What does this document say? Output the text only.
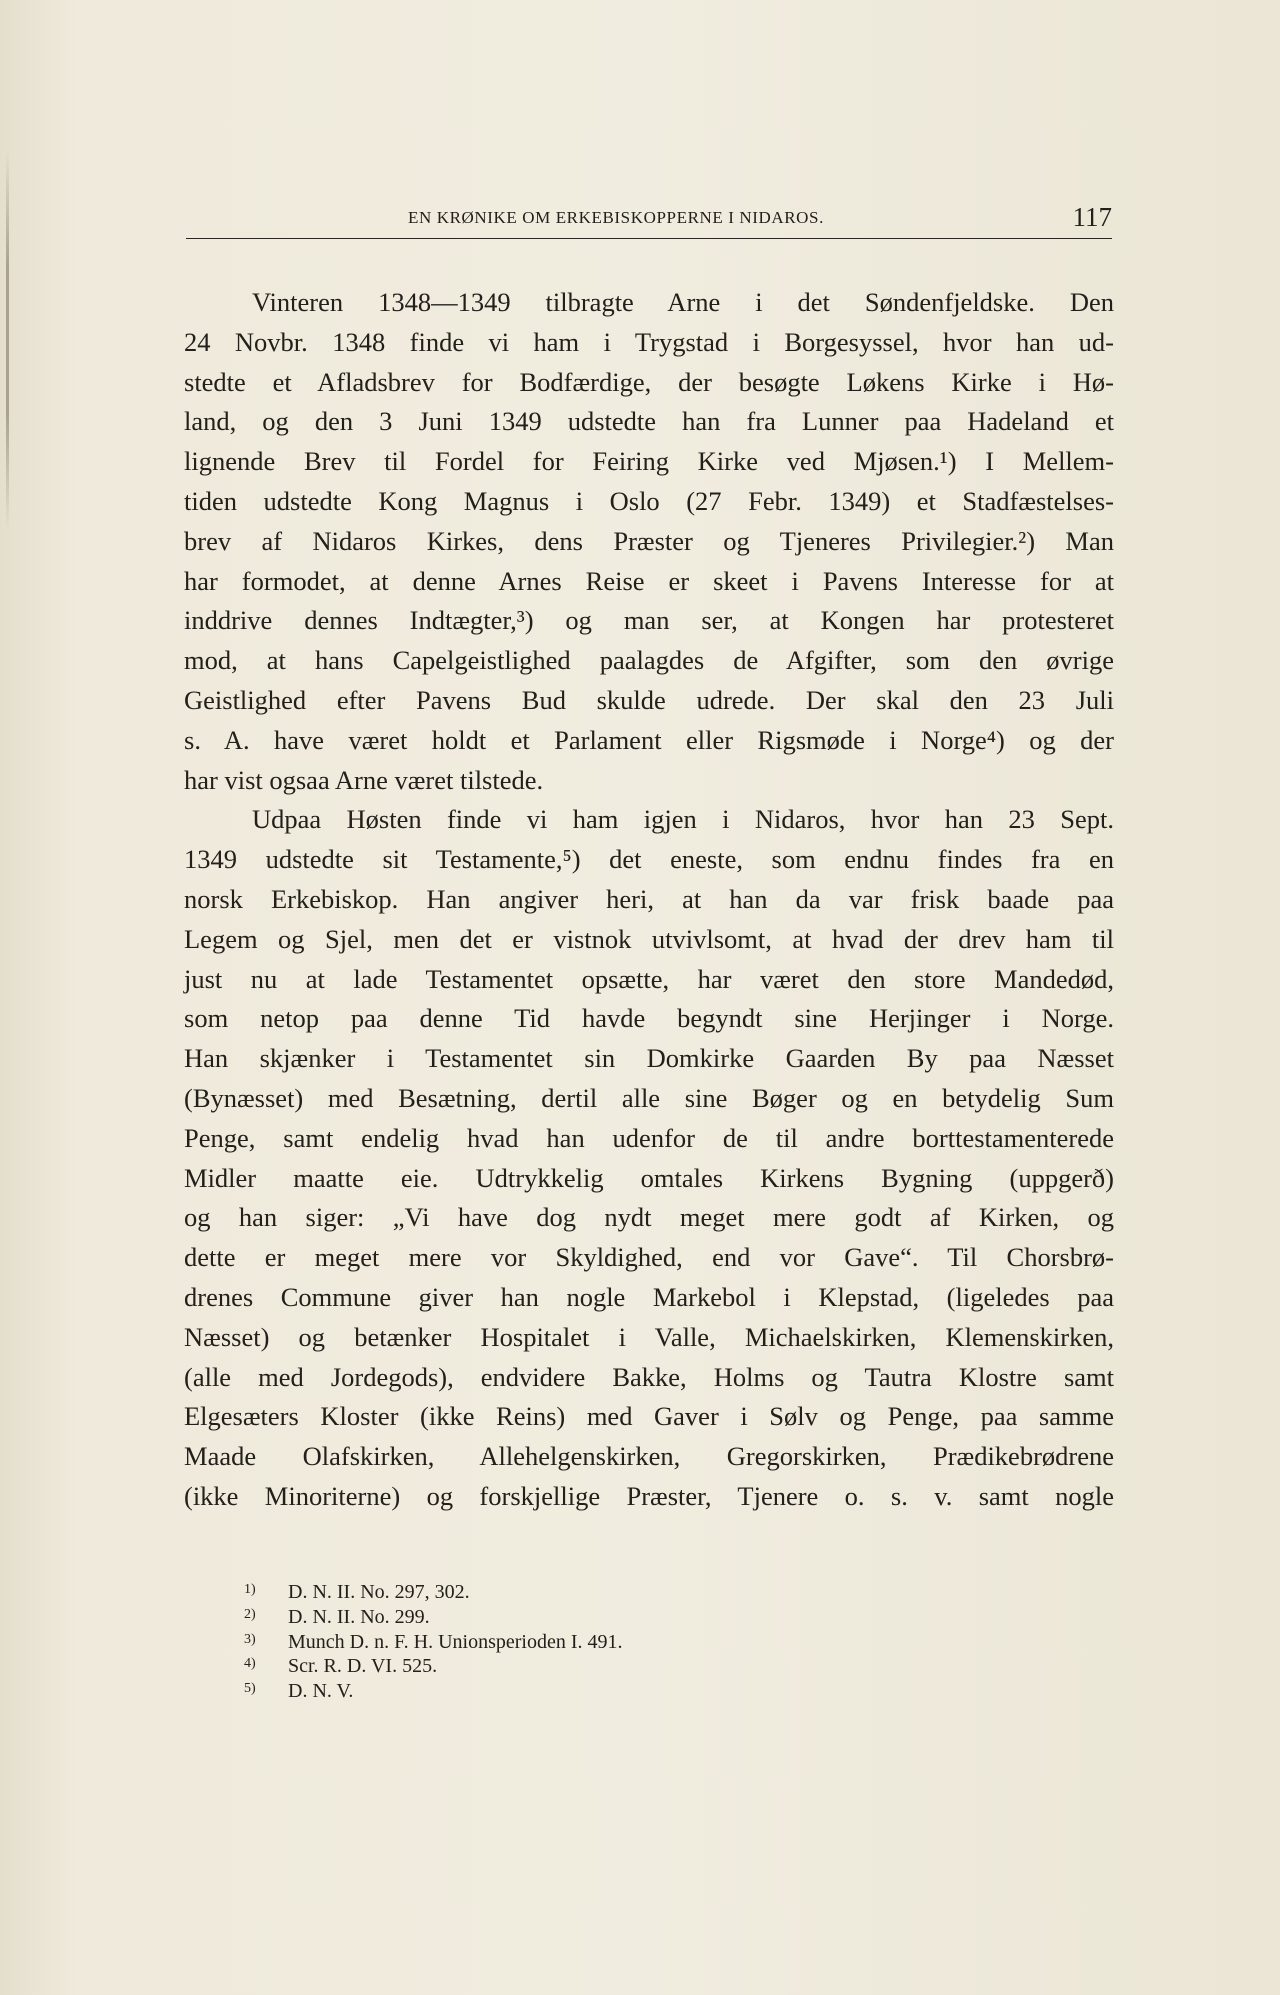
EN KRØNIKE OM ERKEBISKOPPERNE I NIDAROS.	117
Vinteren 1348—1349 tilbragte Arne i det Søndenfjeldske. Den
24 Novbr. 1348 finde vi ham i Trygstad i Borgesyssel, hvor han ud-
stedte et Afladsbrev for Bodfærdige, der besøgte Løkens Kirke i Hø-
land, og den 3 Juni 1349 udstedte han fra Lunner paa Hadeland et
lignende Brev til Fordel for Feiring Kirke ved Mjøsen.¹) I Mellem-
tiden udstedte Kong Magnus i Oslo (27 Febr. 1349) et Stadfæstelses-
brev af Nidaros Kirkes, dens Præster og Tjeneres Privilegier.²) Man
har formodet, at denne Arnes Reise er skeet i Pavens Interesse for at
inddrive dennes Indtægter,³) og man ser, at Kongen har protesteret
mod, at hans Capelgeistlighed paalagdes de Afgifter, som den øvrige
Geistlighed efter Pavens Bud skulde udrede. Der skal den 23 Juli
s. A. have været holdt et Parlament eller Rigsmøde i Norge⁴) og der
har vist ogsaa Arne været tilstede.
Udpaa Høsten finde vi ham igjen i Nidaros, hvor han 23 Sept.
1349 udstedte sit Testamente,⁵) det eneste, som endnu findes fra en
norsk Erkebiskop. Han angiver heri, at han da var frisk baade paa
Legem og Sjel, men det er vistnok utvivlsomt, at hvad der drev ham til
just nu at lade Testamentet opsætte, har været den store Mandedød,
som netop paa denne Tid havde begyndt sine Herjinger i Norge.
Han skjænker i Testamentet sin Domkirke Gaarden By paa Næsset
(Bynæsset) med Besætning, dertil alle sine Bøger og en betydelig Sum
Penge, samt endelig hvad han udenfor de til andre borttestamenterede
Midler maatte eie. Udtrykkelig omtales Kirkens Bygning (uppgerð)
og han siger: „Vi have dog nydt meget mere godt af Kirken, og
dette er meget mere vor Skyldighed, end vor Gave“. Til Chorsbrø-
drenes Commune giver han nogle Markebol i Klepstad, (ligeledes paa
Næsset) og betænker Hospitalet i Valle, Michaelskirken, Klemenskirken,
(alle med Jordegods), endvidere Bakke, Holms og Tautra Klostre samt
Elgesæters Kloster (ikke Reins) med Gaver i Sølv og Penge, paa samme
Maade Olafskirken, Allehelgenskirken, Gregorskirken, Prædikebrødrene
(ikke Minoriterne) og forskjellige Præster, Tjenere o. s. v. samt nogle
1) D. N. II. No. 297, 302.
2) D. N. II. No. 299.
3) Munch D. n. F. H. Unionsperioden I. 491.
4) Scr. R. D. VI. 525.
5) D. N. V.
